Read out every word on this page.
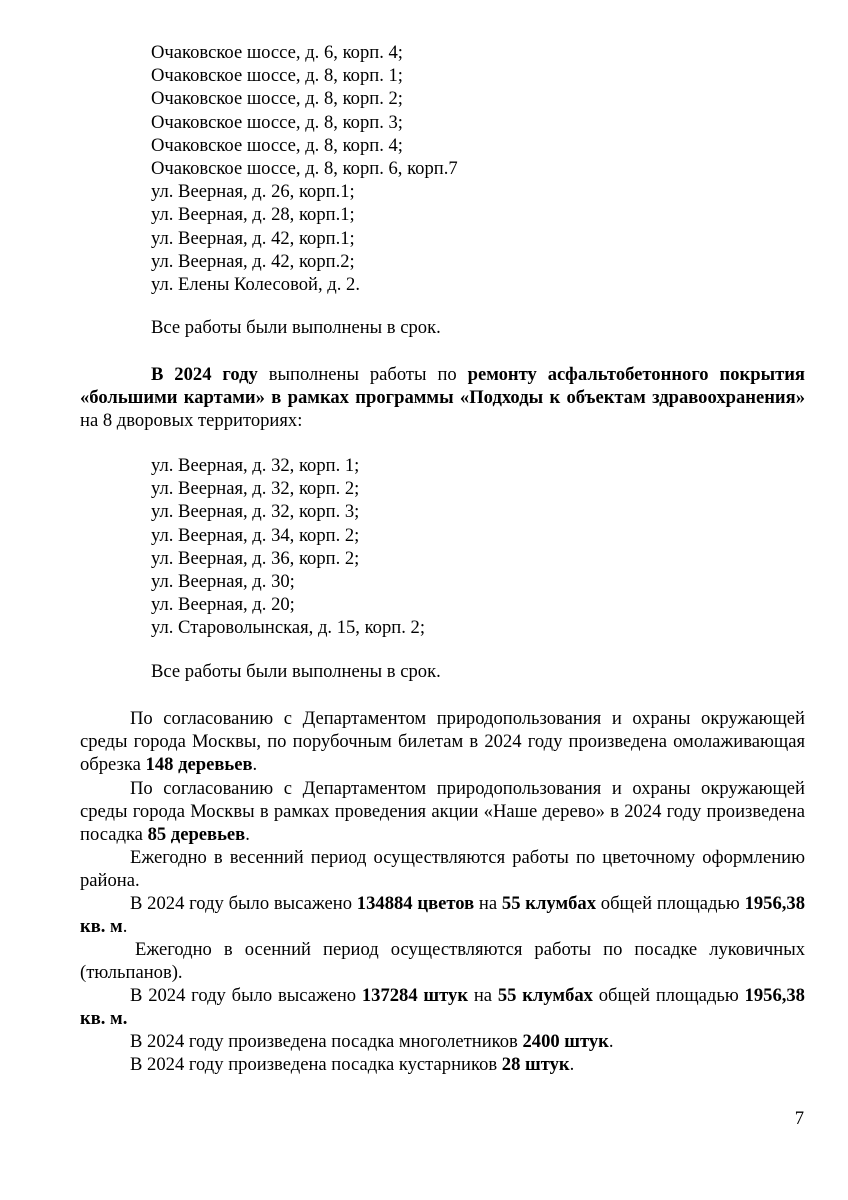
Очаковское шоссе, д. 6, корп. 4;
Очаковское шоссе, д. 8, корп. 1;
Очаковское шоссе, д. 8, корп. 2;
Очаковское шоссе, д. 8, корп. 3;
Очаковское шоссе, д. 8, корп. 4;
Очаковское шоссе, д. 8, корп. 6, корп.7
ул. Веерная, д. 26, корп.1;
ул. Веерная, д. 28, корп.1;
ул. Веерная, д. 42, корп.1;
ул. Веерная, д. 42, корп.2;
ул. Елены Колесовой, д. 2.
Все работы были выполнены в срок.

В 2024 году выполнены работы по ремонту асфальтобетонного покрытия «большими картами» в рамках программы «Подходы к объектам здравоохранения» на 8 дворовых территориях:

ул. Веерная, д. 32, корп. 1;
ул. Веерная, д. 32, корп. 2;
ул. Веерная, д. 32, корп. 3;
ул. Веерная, д. 34, корп. 2;
ул. Веерная, д. 36, корп. 2;
ул. Веерная, д. 30;
ул. Веерная, д. 20;
ул. Староволынская, д. 15, корп. 2;
Все работы были выполнены в срок.

По согласованию с Департаментом природопользования и охраны окружающей среды города Москвы, по порубочным билетам в 2024 году произведена омолаживающая обрезка 148 деревьев.

По согласованию с Департаментом природопользования и охраны окружающей среды города Москвы в рамках проведения акции «Наше дерево» в 2024 году произведена посадка 85 деревьев.

Ежегодно в весенний период осуществляются работы по цветочному оформлению района.

В 2024 году было высажено 134884 цветов на 55 клумбах общей площадью 1956,38 кв. м.

Ежегодно в осенний период осуществляются работы по посадке луковичных (тюльпанов).

В 2024 году было высажено 137284 штук на 55 клумбах общей площадью 1956,38 кв. м.

В 2024 году произведена посадка многолетников 2400 штук.

В 2024 году произведена посадка кустарников 28 штук.

7
